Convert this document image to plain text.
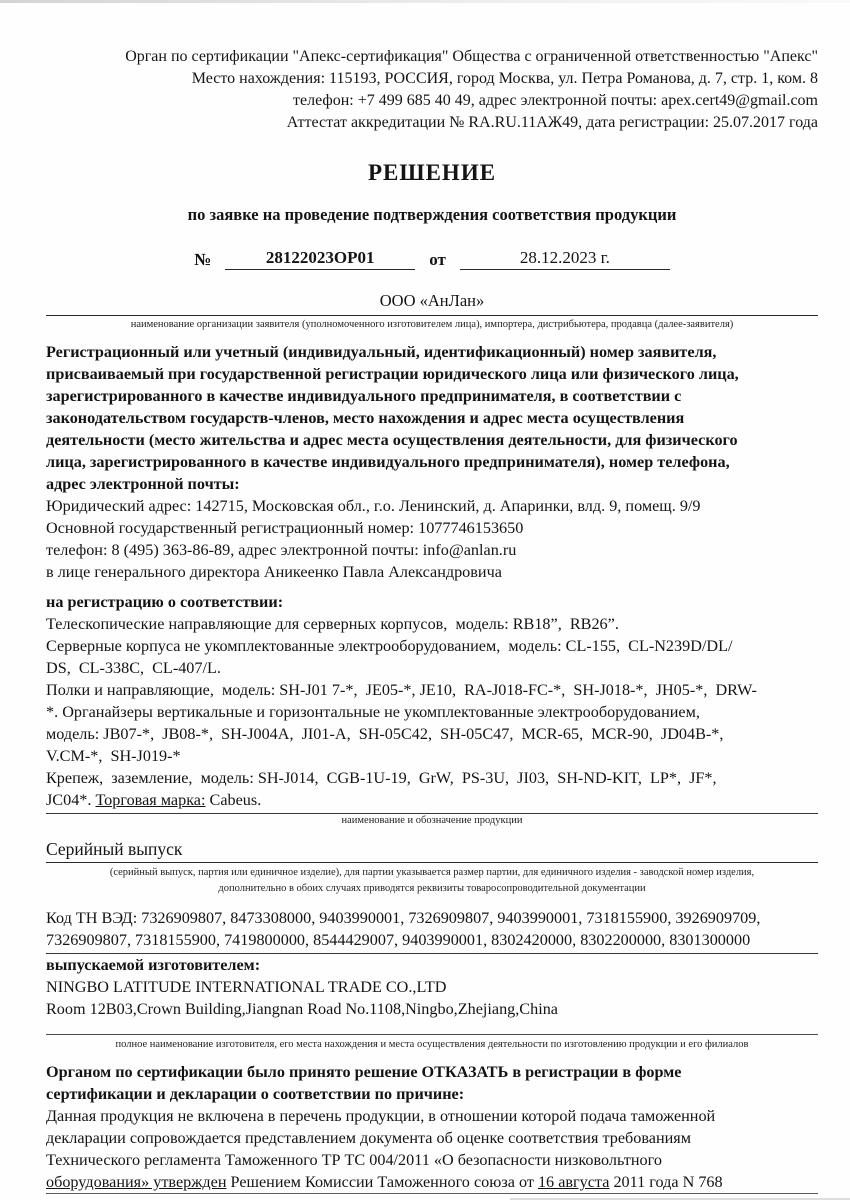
Орган по сертификации "Апекс-сертификация" Общества с ограниченной ответственностью "Апекс"
Место нахождения: 115193, РОССИЯ, город Москва, ул. Петра Романова, д. 7, стр. 1, ком. 8
телефон: +7 499 685 40 49, адрес электронной почты: apex.cert49@gmail.com
Аттестат аккредитации № RA.RU.11АЖ49, дата регистрации: 25.07.2017 года
РЕШЕНИЕ
по заявке на проведение подтверждения соответствия продукции
№	28122023ОР01	от	28.12.2023 г.
ООО «АнЛан»
наименование организации заявителя (уполномоченного изготовителем лица), импортера, дистрибьютера, продавца (далее-заявителя)
Регистрационный или учетный (индивидуальный, идентификационный) номер заявителя,
присваиваемый при государственной регистрации юридического лица или физического лица,
зарегистрированного в качестве индивидуального предпринимателя, в соответствии с
законодательством государств-членов, место нахождения и адрес места осуществления
деятельности (место жительства и адрес места осуществления деятельности, для физического
лица, зарегистрированного в качестве индивидуального предпринимателя), номер телефона,
адрес электронной почты:
Юридический адрес: 142715, Московская обл., г.о. Ленинский, д. Апаринки, влд. 9, помещ. 9/9
Основной государственный регистрационный номер: 1077746153650
телефон: 8 (495) 363-86-89, адрес электронной почты: info@anlan.ru
в лице генерального директора Аникеенко Павла Александровича
на регистрацию о соответствии:
Телескопические направляющие для серверных корпусов,  модель: RB18”,  RB26”.
Серверные корпуса не укомплектованные электрооборудованием,  модель: CL-155,  CL-N239D/DL/
DS,  CL-338C,  CL-407/L.
Полки и направляющие,  модель: SH-J01 7-*,  JE05-*, JE10,  RA-J018-FC-*,  SH-J018-*,  JH05-*,  DRW-
*. Органайзеры вертикальные и горизонтальные не укомплектованные электрооборудованием,
модель: JB07-*,  JB08-*,  SH-J004A,  JI01-A,  SH-05C42,  SH-05C47,  MCR-65,  MCR-90,  JD04B-*,
V.CM-*,  SH-J019-*
Крепеж,  заземление,  модель: SH-J014,  CGB-1U-19,  GrW,  PS-3U,  JI03,  SH-ND-KIT,  LP*,  JF*,
JC04*. Торговая марка: Cabeus.
наименование и обозначение продукции
Серийный выпуск
(серийный выпуск, партия или единичное изделие), для партии указывается размер партии, для единичного изделия - заводской номер изделия,
дополнительно в обоих случаях приводятся реквизиты товаросопроводительной документации
Код ТН ВЭД: 7326909807, 8473308000, 9403990001, 7326909807, 9403990001, 7318155900, 3926909709,
7326909807, 7318155900, 7419800000, 8544429007, 9403990001, 8302420000, 8302200000, 8301300000
выпускаемой изготовителем:
NINGBO LATITUDE INTERNATIONAL TRADE CO.,LTD
Room 12B03,Crown Building,Jiangnan Road No.1108,Ningbo,Zhejiang,China
полное наименование изготовителя, его места нахождения и места осуществления деятельности по изготовлению продукции и его филиалов
Органом по сертификации было принято решение ОТКАЗАТЬ в регистрации в форме
сертификации и декларации о соответствии по причине:
Данная продукция не включена в перечень продукции, в отношении которой подача таможенной
декларации сопровождается представлением документа об оценке соответствия требованиям
Технического регламента Таможенного ТР ТС 004/2011 «О безопасности низковольтного
оборудования» утвержден Решением Комиссии Таможенного союза от 16 августа 2011 года N 768
